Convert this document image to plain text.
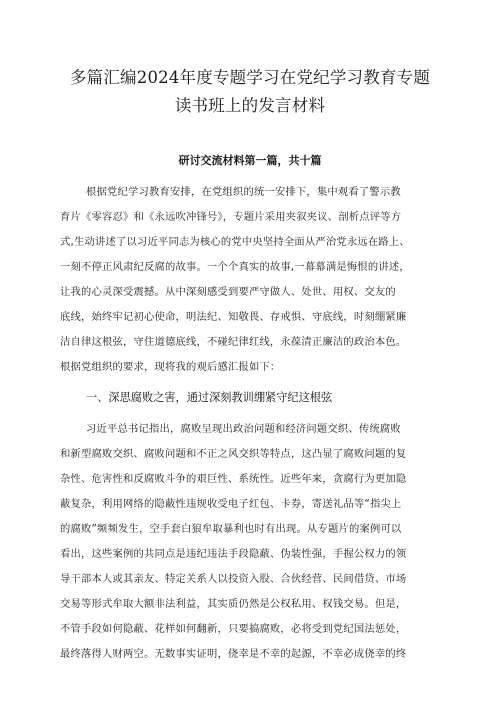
多篇汇编2024年度专题学习在党纪学习教育专题
读书班上的发言材料
研讨交流材料第一篇，共十篇
根据党纪学习教育安排，在党组织的统一安排下，集中观看了警示教
育片《零容忍》和《永远吹冲锋号》，专题片采用夹叙夹议、剖析点评等方
式,生动讲述了以习近平同志为核心的党中央坚持全面从严治党永远在路上、
一刻不停正风肃纪反腐的故事。一个个真实的故事,一幕幕满是悔恨的讲述，
让我的心灵深受震撼。从中深刻感受到要严守做人、处世、用权、交友的
底线，始终牢记初心使命，明法纪、知敬畏、存戒惧、守底线，时刻绷紧廉
洁自律这根弦，守住道德底线，不碰纪律红线，永葆清正廉洁的政治本色。
根据党组织的要求，现将我的观后感汇报如下：
一、深思腐败之害，通过深刻教训绷紧守纪这根弦
习近平总书记指出，腐败呈现出政治问题和经济问题交织、传统腐败
和新型腐败交织、腐败问题和不正之风交织等特点，这凸显了腐败问题的复
杂性、危害性和反腐败斗争的艰巨性、系统性。近些年来，贪腐行为更加隐
蔽复杂，利用网络的隐蔽性违规收受电子红包、卡券，寄送礼品等“指尖上
的腐败”频频发生，空手套白狼牟取暴利也时有出现。从专题片的案例可以
看出，这些案例的共同点是违纪违法手段隐蔽、伪装性强，手握公权力的领
导干部本人或其亲友、特定关系人以投资入股、合伙经营、民间借贷、市场
交易等形式牟取大额非法利益，其实质仍然是公权私用、权钱交易。但是，
不管手段如何隐蔽、花样如何翻新，只要搞腐败，必将受到党纪国法惩处，
最终落得人财两空。无数事实证明，侥幸是不幸的起源，不幸必成侥幸的终
